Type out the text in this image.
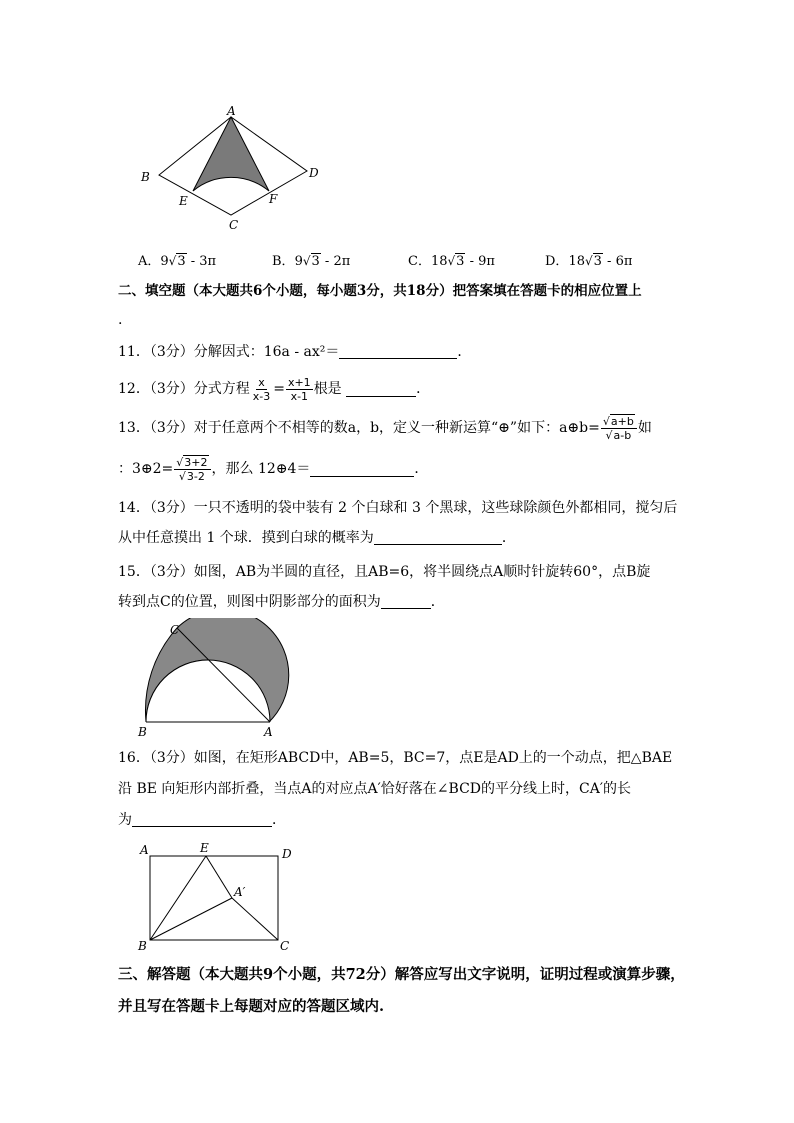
A
B
C
D
E	F
A．9√3 - 3π	B．9√3 - 2π	C．18√3 - 9π	D．18√3 - 6π
二、填空题（本大题共6个小题，每小题3分，共18分）把答案填在答题卡的相应位置上
.
11．（3分）分解因式：16a - ax²＝	．
12．（3分）分式方程 $\frac{x}{x-3} = \frac{x+1}{x-1}$ 根是
	．
13．（3分）对于任意两个不相等的数a，b，定义一种新运算“⊕”如下：a⊕b= $\frac{√a+b}{√a-b}$ 如
：3⊕2= $\frac{√3+2}{√3-2}$ ，那么 12⊕4＝	．
14．（3分）一只不透明的袋中装有 2 个白球和 3 个黑球，这些球除颜色外都相同，搅匀后
从中任意摸出 1 个球．摸到白球的概率为	．
15．（3分）如图，AB为半圆的直径，且AB=6，将半圆绕点A顺时针旋转60°，点B旋
转到点C的位置，则图中阴影部分的面积为	．
C
B	A
16．（3分）如图，在矩形ABCD中，AB=5，BC=7，点E是AD上的一个动点，把△BAE
沿 BE 向矩形内部折叠，当点A的对应点A′恰好落在∠BCD的平分线上时，CA′的长
为	．
A	E	D
A′
B	C
三、解答题（本大题共9个小题，共72分）解答应写出文字说明，证明过程或演算步骤，
并且写在答题卡上每题对应的答题区域内.
